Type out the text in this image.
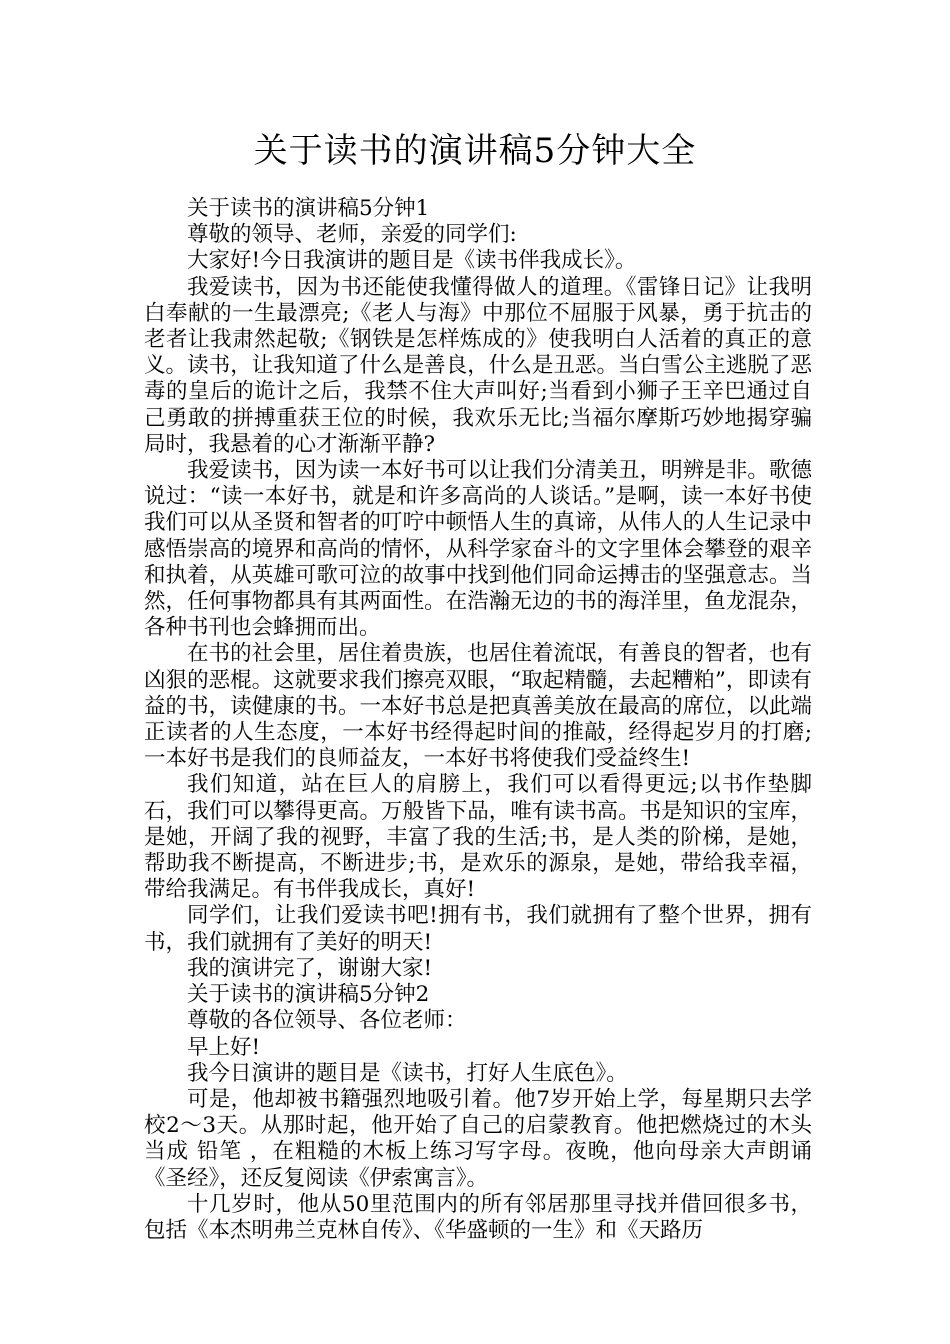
关于读书的演讲稿5分钟大全

关于读书的演讲稿5分钟1

尊敬的领导、老师，亲爱的同学们:

大家好!今日我演讲的题目是《读书伴我成长》。

我爱读书，因为书还能使我懂得做人的道理。《雷锋日记》让我明白奉献的一生最漂亮;《老人与海》中那位不屈服于风暴，勇于抗击的老者让我肃然起敬;《钢铁是怎样炼成的》使我明白人活着的真正的意义。读书，让我知道了什么是善良，什么是丑恶。当白雪公主逃脱了恶毒的皇后的诡计之后，我禁不住大声叫好;当看到小狮子王辛巴通过自己勇敢的拼搏重获王位的时候，我欢乐无比;当福尔摩斯巧妙地揭穿骗局时，我悬着的心才渐渐平静?

我爱读书，因为读一本好书可以让我们分清美丑，明辨是非。歌德说过：“读一本好书，就是和许多高尚的人谈话。”是啊，读一本好书使我们可以从圣贤和智者的叮咛中顿悟人生的真谛，从伟人的人生记录中感悟崇高的境界和高尚的情怀，从科学家奋斗的文字里体会攀登的艰辛和执着，从英雄可歌可泣的故事中找到他们同命运搏击的坚强意志。当然，任何事物都具有其两面性。在浩瀚无边的书的海洋里，鱼龙混杂，各种书刊也会蜂拥而出。

在书的社会里，居住着贵族，也居住着流氓，有善良的智者，也有凶狠的恶棍。这就要求我们擦亮双眼，“取起精髓，去起糟粕”，即读有益的书，读健康的书。一本好书总是把真善美放在最高的席位，以此端正读者的人生态度，一本好书经得起时间的推敲，经得起岁月的打磨;一本好书是我们的良师益友，一本好书将使我们受益终生!

我们知道，站在巨人的肩膀上，我们可以看得更远;以书作垫脚石，我们可以攀得更高。万般皆下品，唯有读书高。书是知识的宝库，是她，开阔了我的视野，丰富了我的生活;书，是人类的阶梯，是她，帮助我不断提高，不断进步;书，是欢乐的源泉，是她，带给我幸福，带给我满足。有书伴我成长，真好!

同学们，让我们爱读书吧!拥有书，我们就拥有了整个世界，拥有书，我们就拥有了美好的明天!

我的演讲完了，谢谢大家!

关于读书的演讲稿5分钟2

尊敬的各位领导、各位老师：

早上好!

我今日演讲的题目是《读书，打好人生底色》。

可是，他却被书籍强烈地吸引着。他7岁开始上学，每星期只去学校2～3天。从那时起，他开始了自己的启蒙教育。他把燃烧过的木头当成 铅笔 ，在粗糙的木板上练习写字母。夜晚，他向母亲大声朗诵《圣经》，还反复阅读《伊索寓言》。

十几岁时，他从50里范围内的所有邻居那里寻找并借回很多书，包括《本杰明弗兰克林自传》、《华盛顿的一生》和《天路历
